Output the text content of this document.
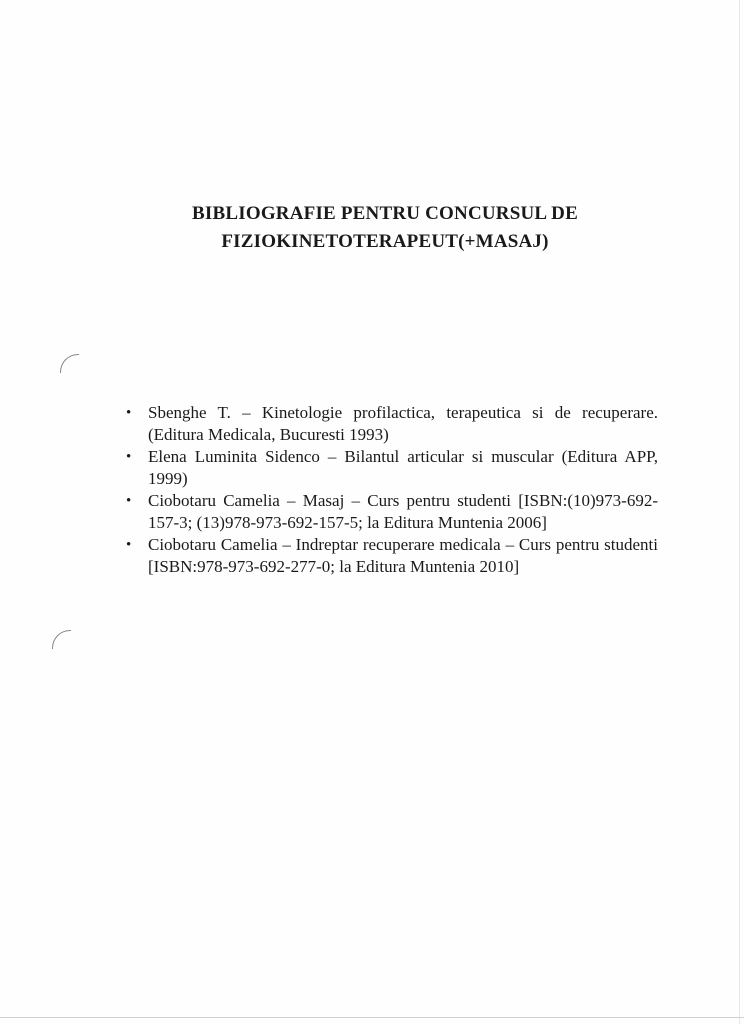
BIBLIOGRAFIE PENTRU CONCURSUL DE
FIZIOKINETOTERAPEUT(+MASAJ)
• Sbenghe T. – Kinetologie profilactica, terapeutica si de recuperare. (Editura Medicala, Bucuresti 1993)
• Elena Luminita Sidenco – Bilantul articular si muscular (Editura APP, 1999)
• Ciobotaru Camelia – Masaj – Curs pentru studenti [ISBN:(10)973-692-157-3; (13)978-973-692-157-5; la Editura Muntenia 2006]
• Ciobotaru Camelia – Indreptar recuperare medicala – Curs pentru studenti [ISBN:978-973-692-277-0; la Editura Muntenia 2010]
